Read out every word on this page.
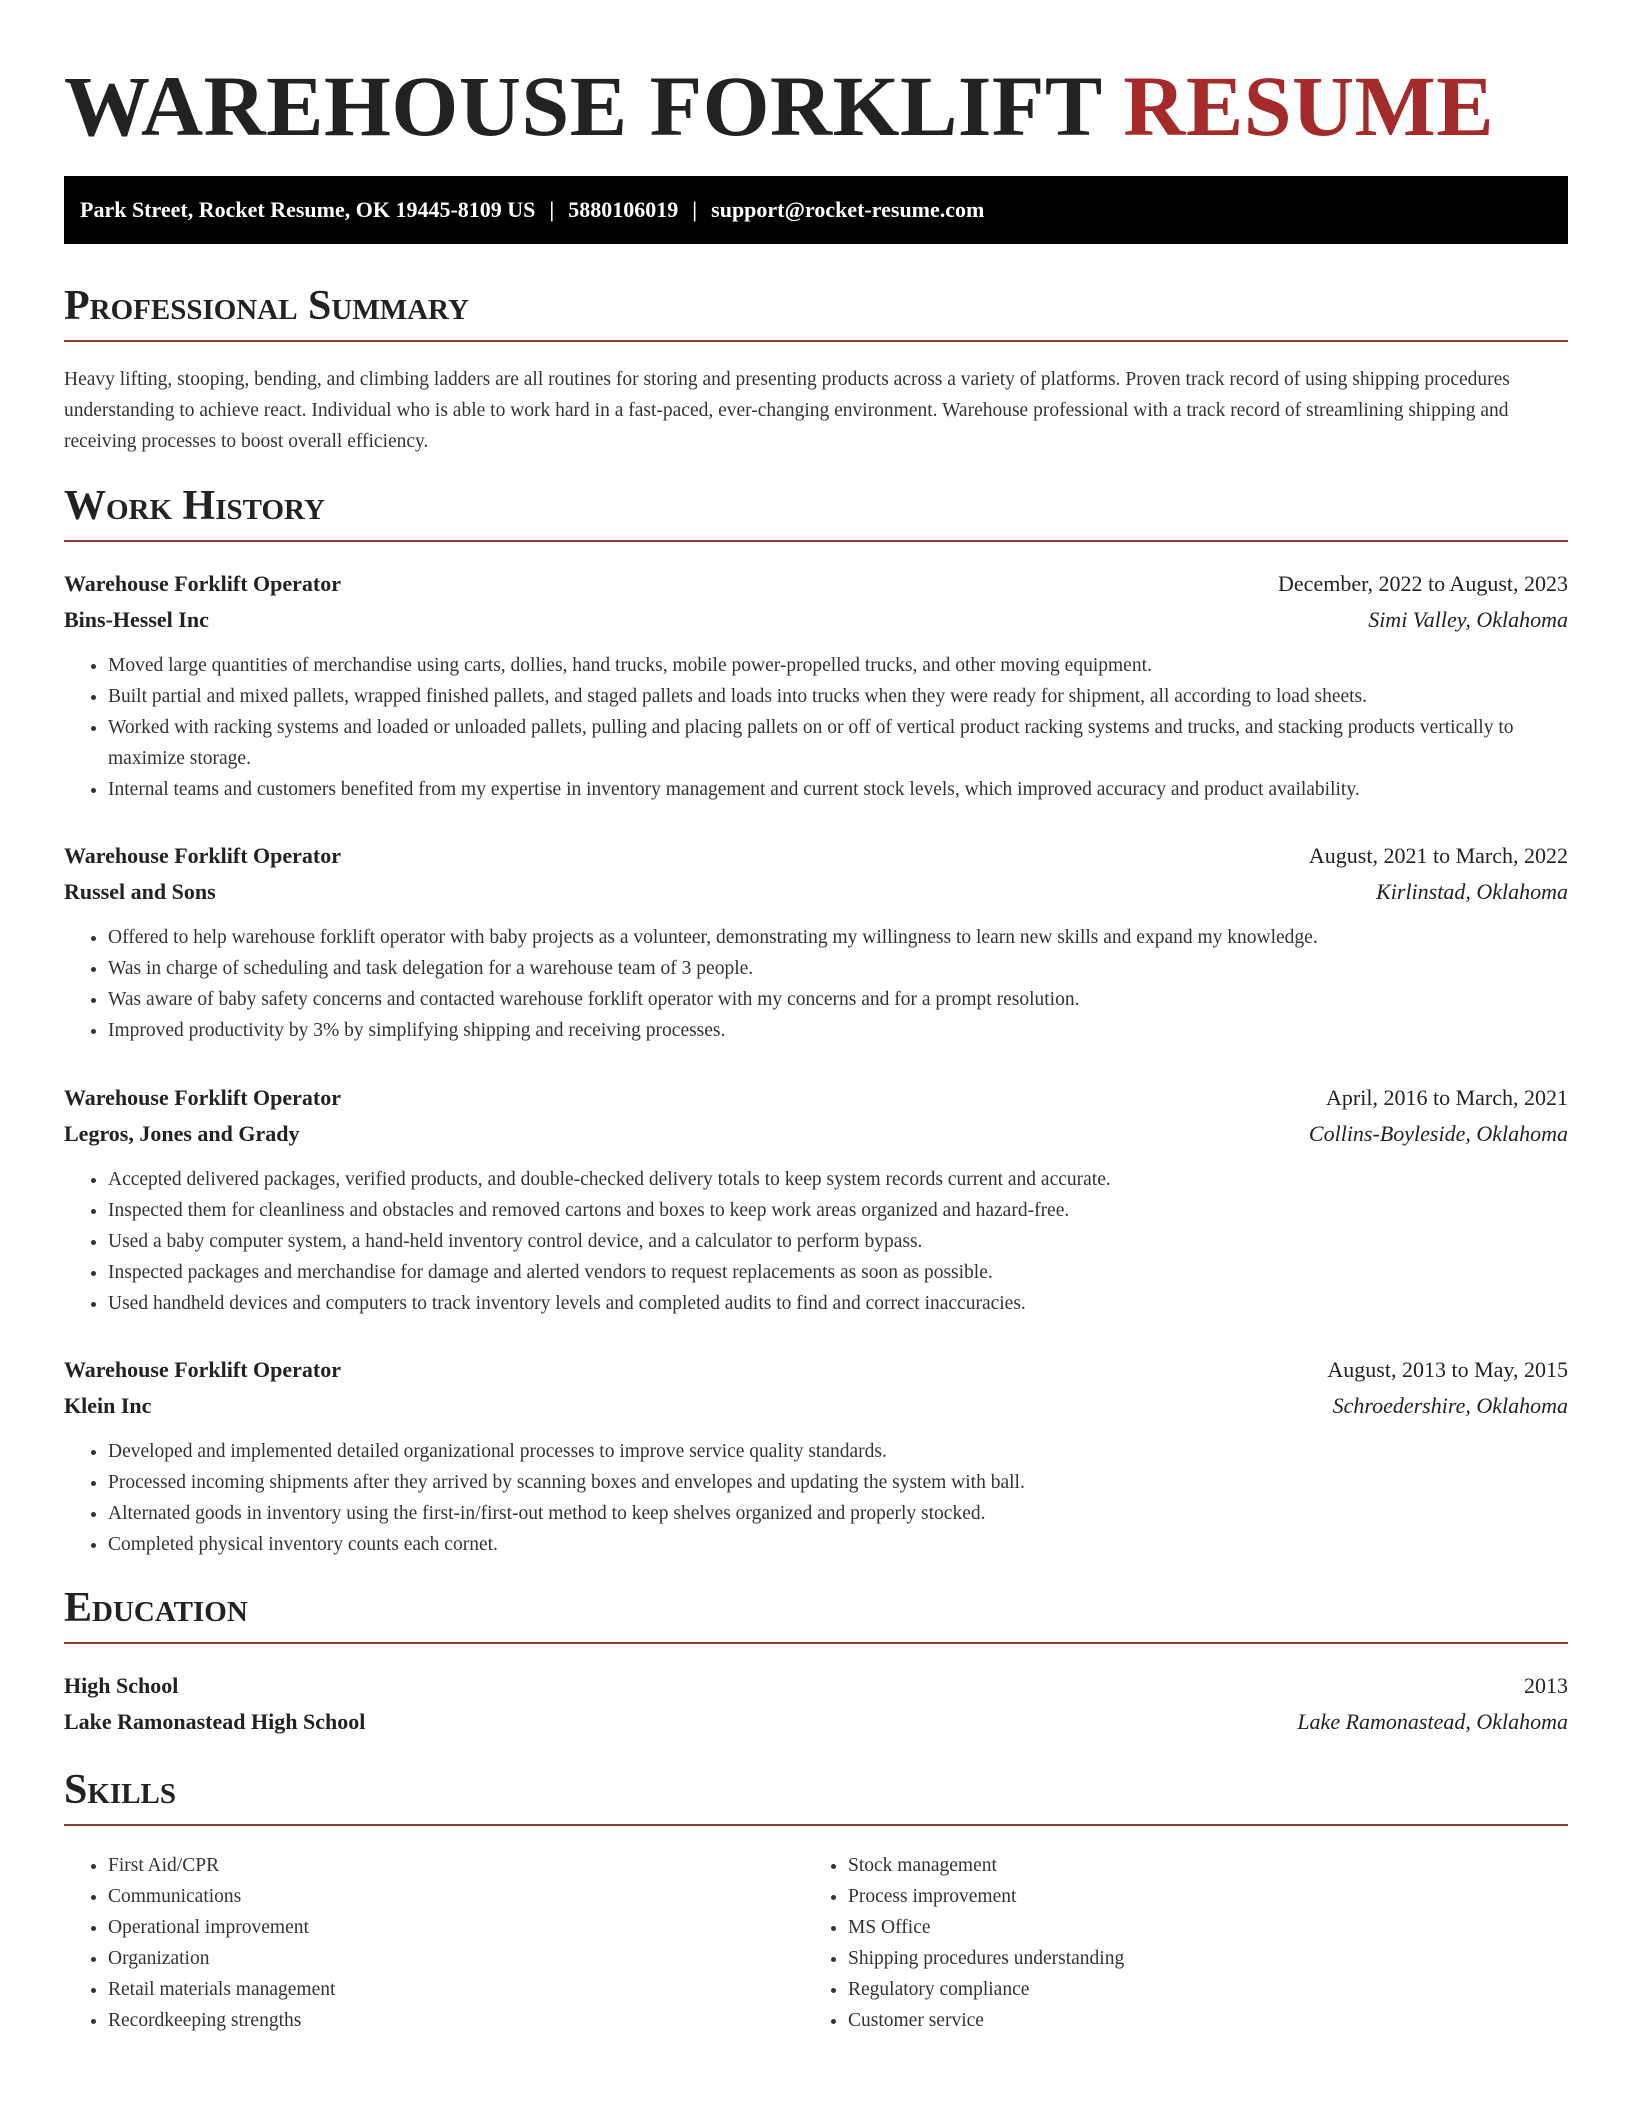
WAREHOUSE FORKLIFT RESUME
Park Street, Rocket Resume, OK 19445-8109 US | 5880106019 | support@rocket-resume.com
Professional Summary

Heavy lifting, stooping, bending, and climbing ladders are all routines for storing and presenting products across a variety of platforms. Proven track record of using shipping procedures understanding to achieve react. Individual who is able to work hard in a fast-paced, ever-changing environment. Warehouse professional with a track record of streamlining shipping and receiving processes to boost overall efficiency.

Work History
Warehouse Forklift Operator	December, 2022 to August, 2023
Bins-Hessel Inc	Simi Valley, Oklahoma
• Moved large quantities of merchandise using carts, dollies, hand trucks, mobile power-propelled trucks, and other moving equipment.
• Built partial and mixed pallets, wrapped finished pallets, and staged pallets and loads into trucks when they were ready for shipment, all according to load sheets.
• Worked with racking systems and loaded or unloaded pallets, pulling and placing pallets on or off of vertical product racking systems and trucks, and stacking products vertically to maximize storage.
• Internal teams and customers benefited from my expertise in inventory management and current stock levels, which improved accuracy and product availability.
Warehouse Forklift Operator	August, 2021 to March, 2022
Russel and Sons	Kirlinstad, Oklahoma
• Offered to help warehouse forklift operator with baby projects as a volunteer, demonstrating my willingness to learn new skills and expand my knowledge.
• Was in charge of scheduling and task delegation for a warehouse team of 3 people.
• Was aware of baby safety concerns and contacted warehouse forklift operator with my concerns and for a prompt resolution.
• Improved productivity by 3% by simplifying shipping and receiving processes.
Warehouse Forklift Operator	April, 2016 to March, 2021
Legros, Jones and Grady	Collins-Boyleside, Oklahoma
• Accepted delivered packages, verified products, and double-checked delivery totals to keep system records current and accurate.
• Inspected them for cleanliness and obstacles and removed cartons and boxes to keep work areas organized and hazard-free.
• Used a baby computer system, a hand-held inventory control device, and a calculator to perform bypass.
• Inspected packages and merchandise for damage and alerted vendors to request replacements as soon as possible.
• Used handheld devices and computers to track inventory levels and completed audits to find and correct inaccuracies.
Warehouse Forklift Operator	August, 2013 to May, 2015
Klein Inc	Schroedershire, Oklahoma
• Developed and implemented detailed organizational processes to improve service quality standards.
• Processed incoming shipments after they arrived by scanning boxes and envelopes and updating the system with ball.
• Alternated goods in inventory using the first-in/first-out method to keep shelves organized and properly stocked.
• Completed physical inventory counts each cornet.
Education
High School	2013
Lake Ramonastead High School	Lake Ramonastead, Oklahoma
Skills
• First Aid/CPR
• Communications
• Operational improvement
• Organization
• Retail materials management
• Recordkeeping strengths
• Stock management
• Process improvement
• MS Office
• Shipping procedures understanding
• Regulatory compliance
• Customer service
